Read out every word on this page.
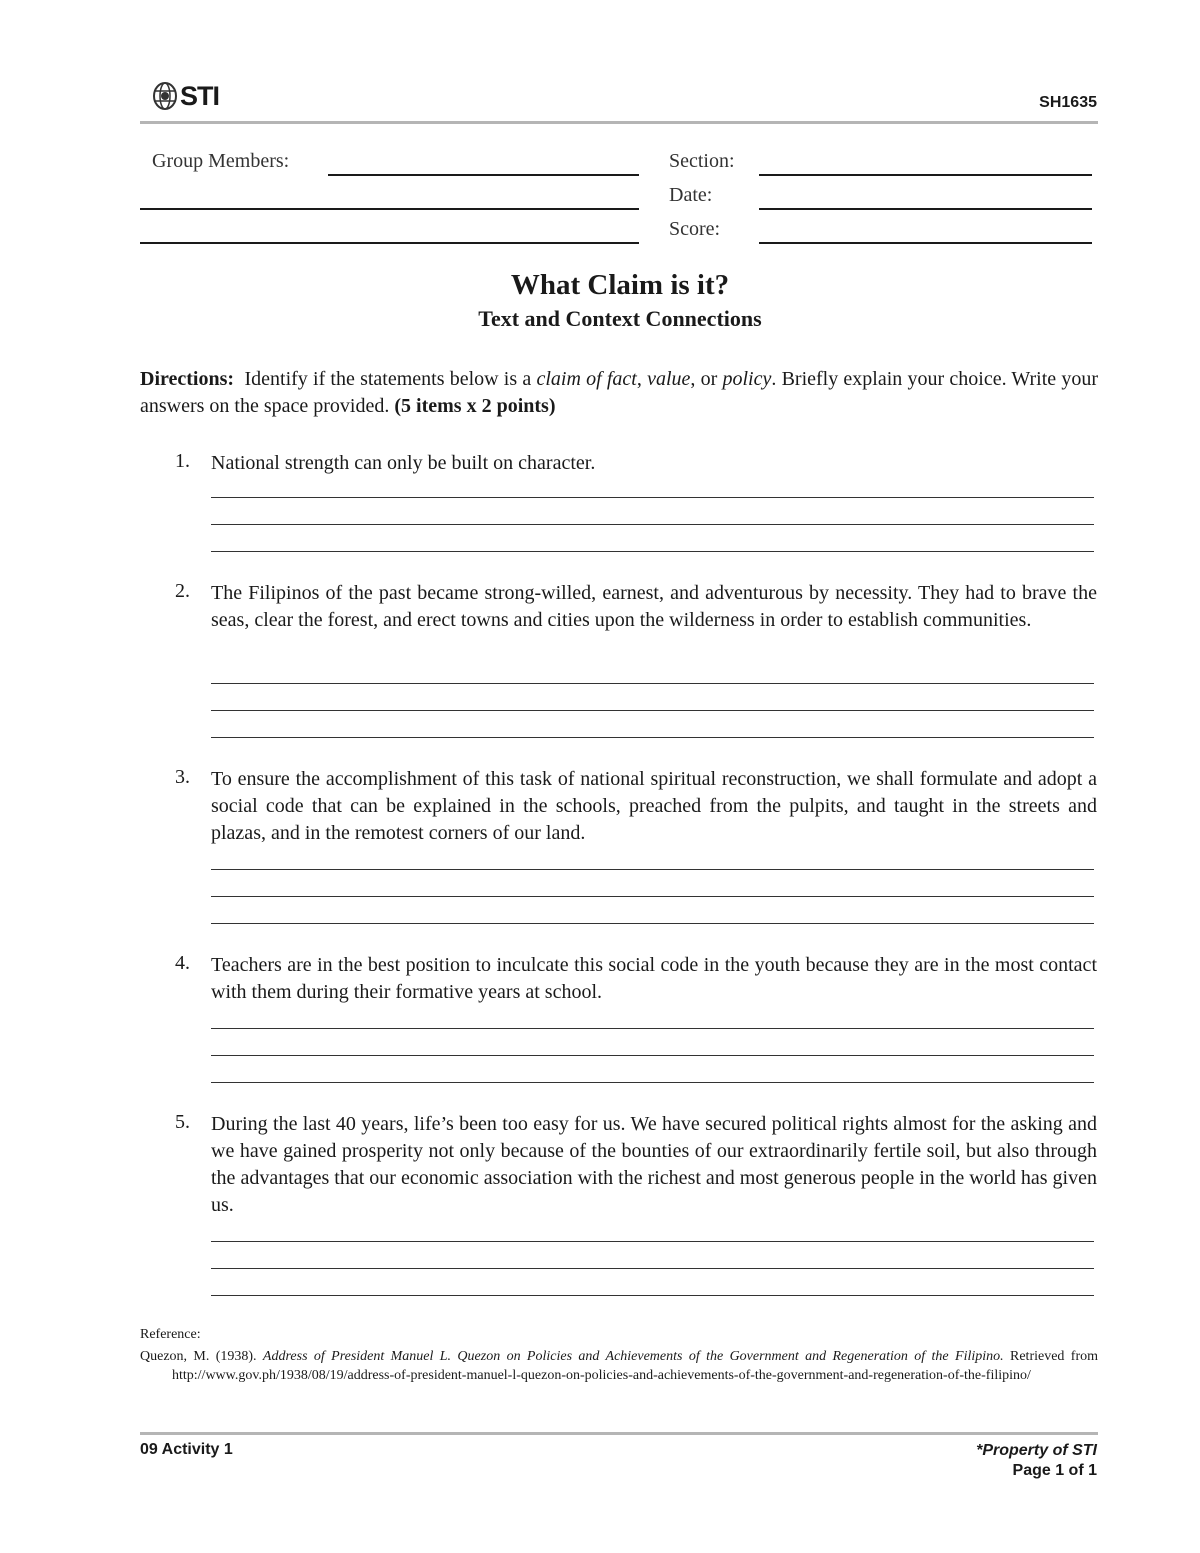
STI	SH1635
Group Members:	Section:
Date:
Score:
What Claim is it?
Text and Context Connections
Directions: Identify if the statements below is a claim of fact, value, or policy. Briefly explain your choice. Write your answers on the space provided. (5 items x 2 points)
1. National strength can only be built on character.
2. The Filipinos of the past became strong-willed, earnest, and adventurous by necessity. They had to brave the seas, clear the forest, and erect towns and cities upon the wilderness in order to establish communities.
3. To ensure the accomplishment of this task of national spiritual reconstruction, we shall formulate and adopt a social code that can be explained in the schools, preached from the pulpits, and taught in the streets and plazas, and in the remotest corners of our land.
4. Teachers are in the best position to inculcate this social code in the youth because they are in the most contact with them during their formative years at school.
5. During the last 40 years, life’s been too easy for us. We have secured political rights almost for the asking and we have gained prosperity not only because of the bounties of our extraordinarily fertile soil, but also through the advantages that our economic association with the richest and most generous people in the world has given us.
Reference:
Quezon, M. (1938). Address of President Manuel L. Quezon on Policies and Achievements of the Government and Regeneration of the Filipino. Retrieved from http://www.gov.ph/1938/08/19/address-of-president-manuel-l-quezon-on-policies-and-achievements-of-the-government-and-regeneration-of-the-filipino/
09 Activity 1	*Property of STI
Page 1 of 1
